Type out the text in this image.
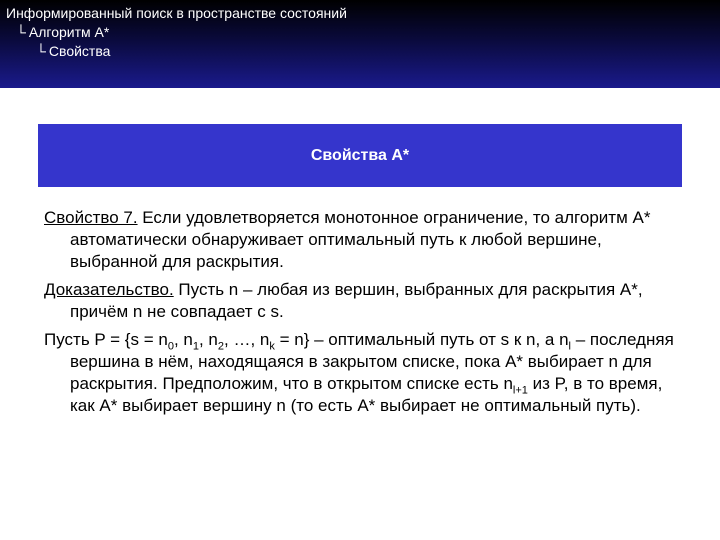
Информированный поиск в пространстве состояний
└ Алгоритм A*
└ Свойства
Свойства A*

Свойство 7. Если удовлетворяется монотонное ограничение, то алгоритм A* автоматически обнаруживает оптимальный путь к любой вершине, выбранной для раскрытия.

Доказательство. Пусть n – любая из вершин, выбранных для раскрытия A*, причём n не совпадает с s.

Пусть $P = \{s = n_0$, $n_1$, $n_2$, …, $n_k = n$} – оптимальный путь от s к n, а $n_l$ – последняя вершина в нём, находящаяся в закрытом списке, пока A* выбирает n для раскрытия. Предположим, что в открытом списке есть $n_{l+1}$ из P, в то время, как A* выбирает вершину n (то есть A* выбирает не оптимальный путь).
